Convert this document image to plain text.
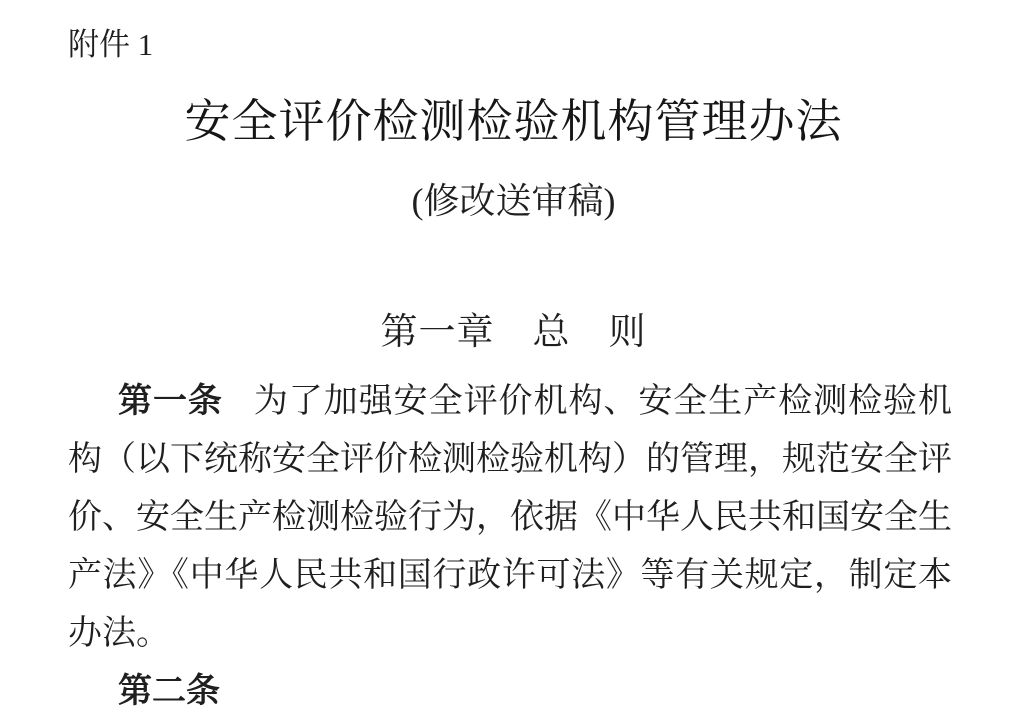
附件 1
安全评价检测检验机构管理办法
(修改送审稿)
第一章　总　则
第一条 为了加强安全评价机构、安全生产检测检验机
构（以下统称安全评价检测检验机构）的管理，规范安全评
价、安全生产检测检验行为，依据《中华人民共和国安全生
产法》《中华人民共和国行政许可法》等有关规定，制定本
办法。
第二条
